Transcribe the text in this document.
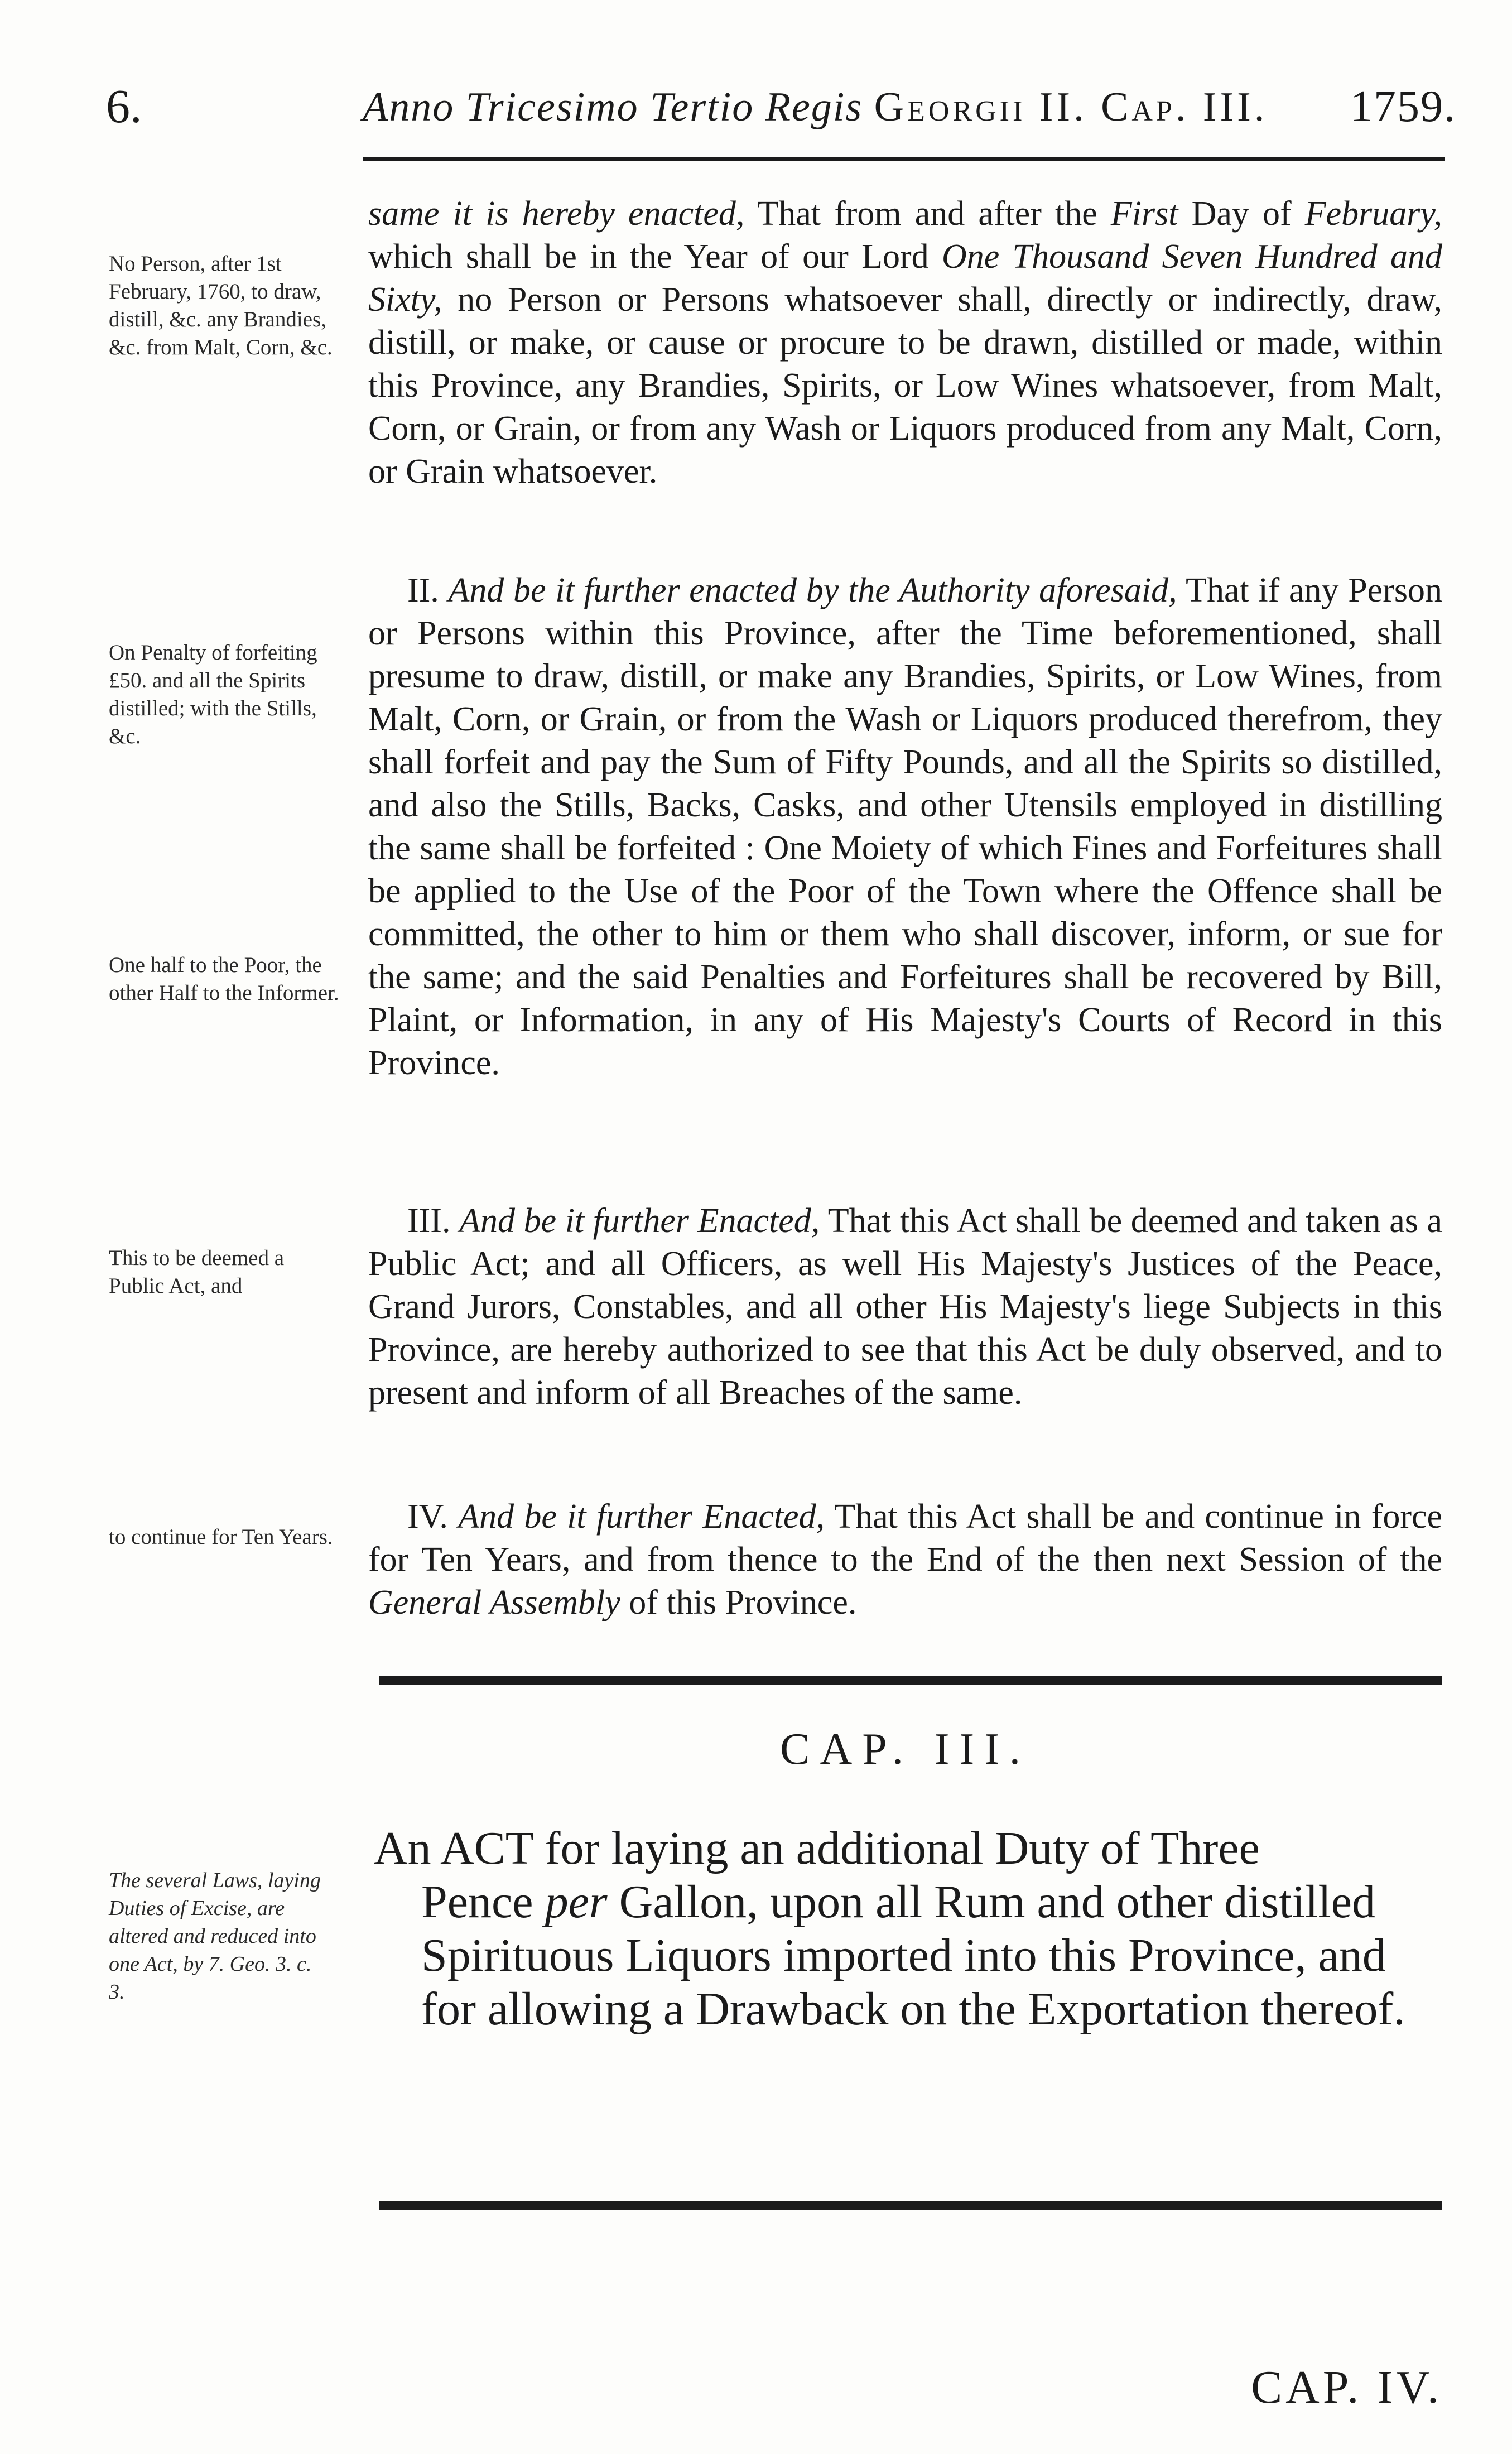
6.	Anno Tricesimo Tertio Regis Georgii II. Cap. III. 1759.
No Person, after 1st February, 1760, to draw, distill, &c. any Brandies, &c. from Malt, Corn, &c.
On Penalty of forfeiting £50. and all the Spirits distilled; with the Stills, &c.
One half to the Poor, the other Half to the Informer.
This to be deemed a Public Act, and
to continue for Ten Years.
The several Laws, laying Duties of Excise, are altered and reduced into one Act, by 7. Geo. 3. c. 3.
same it is hereby enacted, That from and after the First Day of February, which shall be in the Year of our Lord One Thousand Seven Hundred and Sixty, no Person or Persons whatsoever shall, directly or indirectly, draw, distill, or make, or cause or procure to be drawn, distilled or made, within this Province, any Brandies, Spirits, or Low Wines whatsoever, from Malt, Corn, or Grain, or from any Wash or Liquors produced from any Malt, Corn, or Grain whatsoever.
II. And be it further enacted by the Authority aforesaid, That if any Person or Persons within this Province, after the Time beforementioned, shall presume to draw, distill, or make any Brandies, Spirits, or Low Wines, from Malt, Corn, or Grain, or from the Wash or Liquors produced therefrom, they shall forfeit and pay the Sum of Fifty Pounds, and all the Spirits so distilled, and also the Stills, Backs, Casks, and other Utensils employed in distilling the same shall be forfeited : One Moiety of which Fines and Forfeitures shall be applied to the Use of the Poor of the Town where the Offence shall be committed, the other to him or them who shall discover, inform, or sue for the same; and the said Penalties and Forfeitures shall be recovered by Bill, Plaint, or Information, in any of His Majesty's Courts of Record in this Province.
III. And be it further Enacted, That this Act shall be deemed and taken as a Public Act; and all Officers, as well His Majesty's Justices of the Peace, Grand Jurors, Constables, and all other His Majesty's liege Subjects in this Province, are hereby authorized to see that this Act be duly observed, and to present and inform of all Breaches of the same.
IV. And be it further Enacted, That this Act shall be and continue in force for Ten Years, and from thence to the End of the then next Session of the General Assembly of this Province.
CAP. III.
An ACT for laying an additional Duty of Three
Pence per Gallon, upon all Rum and other distilled
Spirituous Liquors imported into this Province, and
for allowing a Drawback on the Exportation thereof.
CAP. IV.
